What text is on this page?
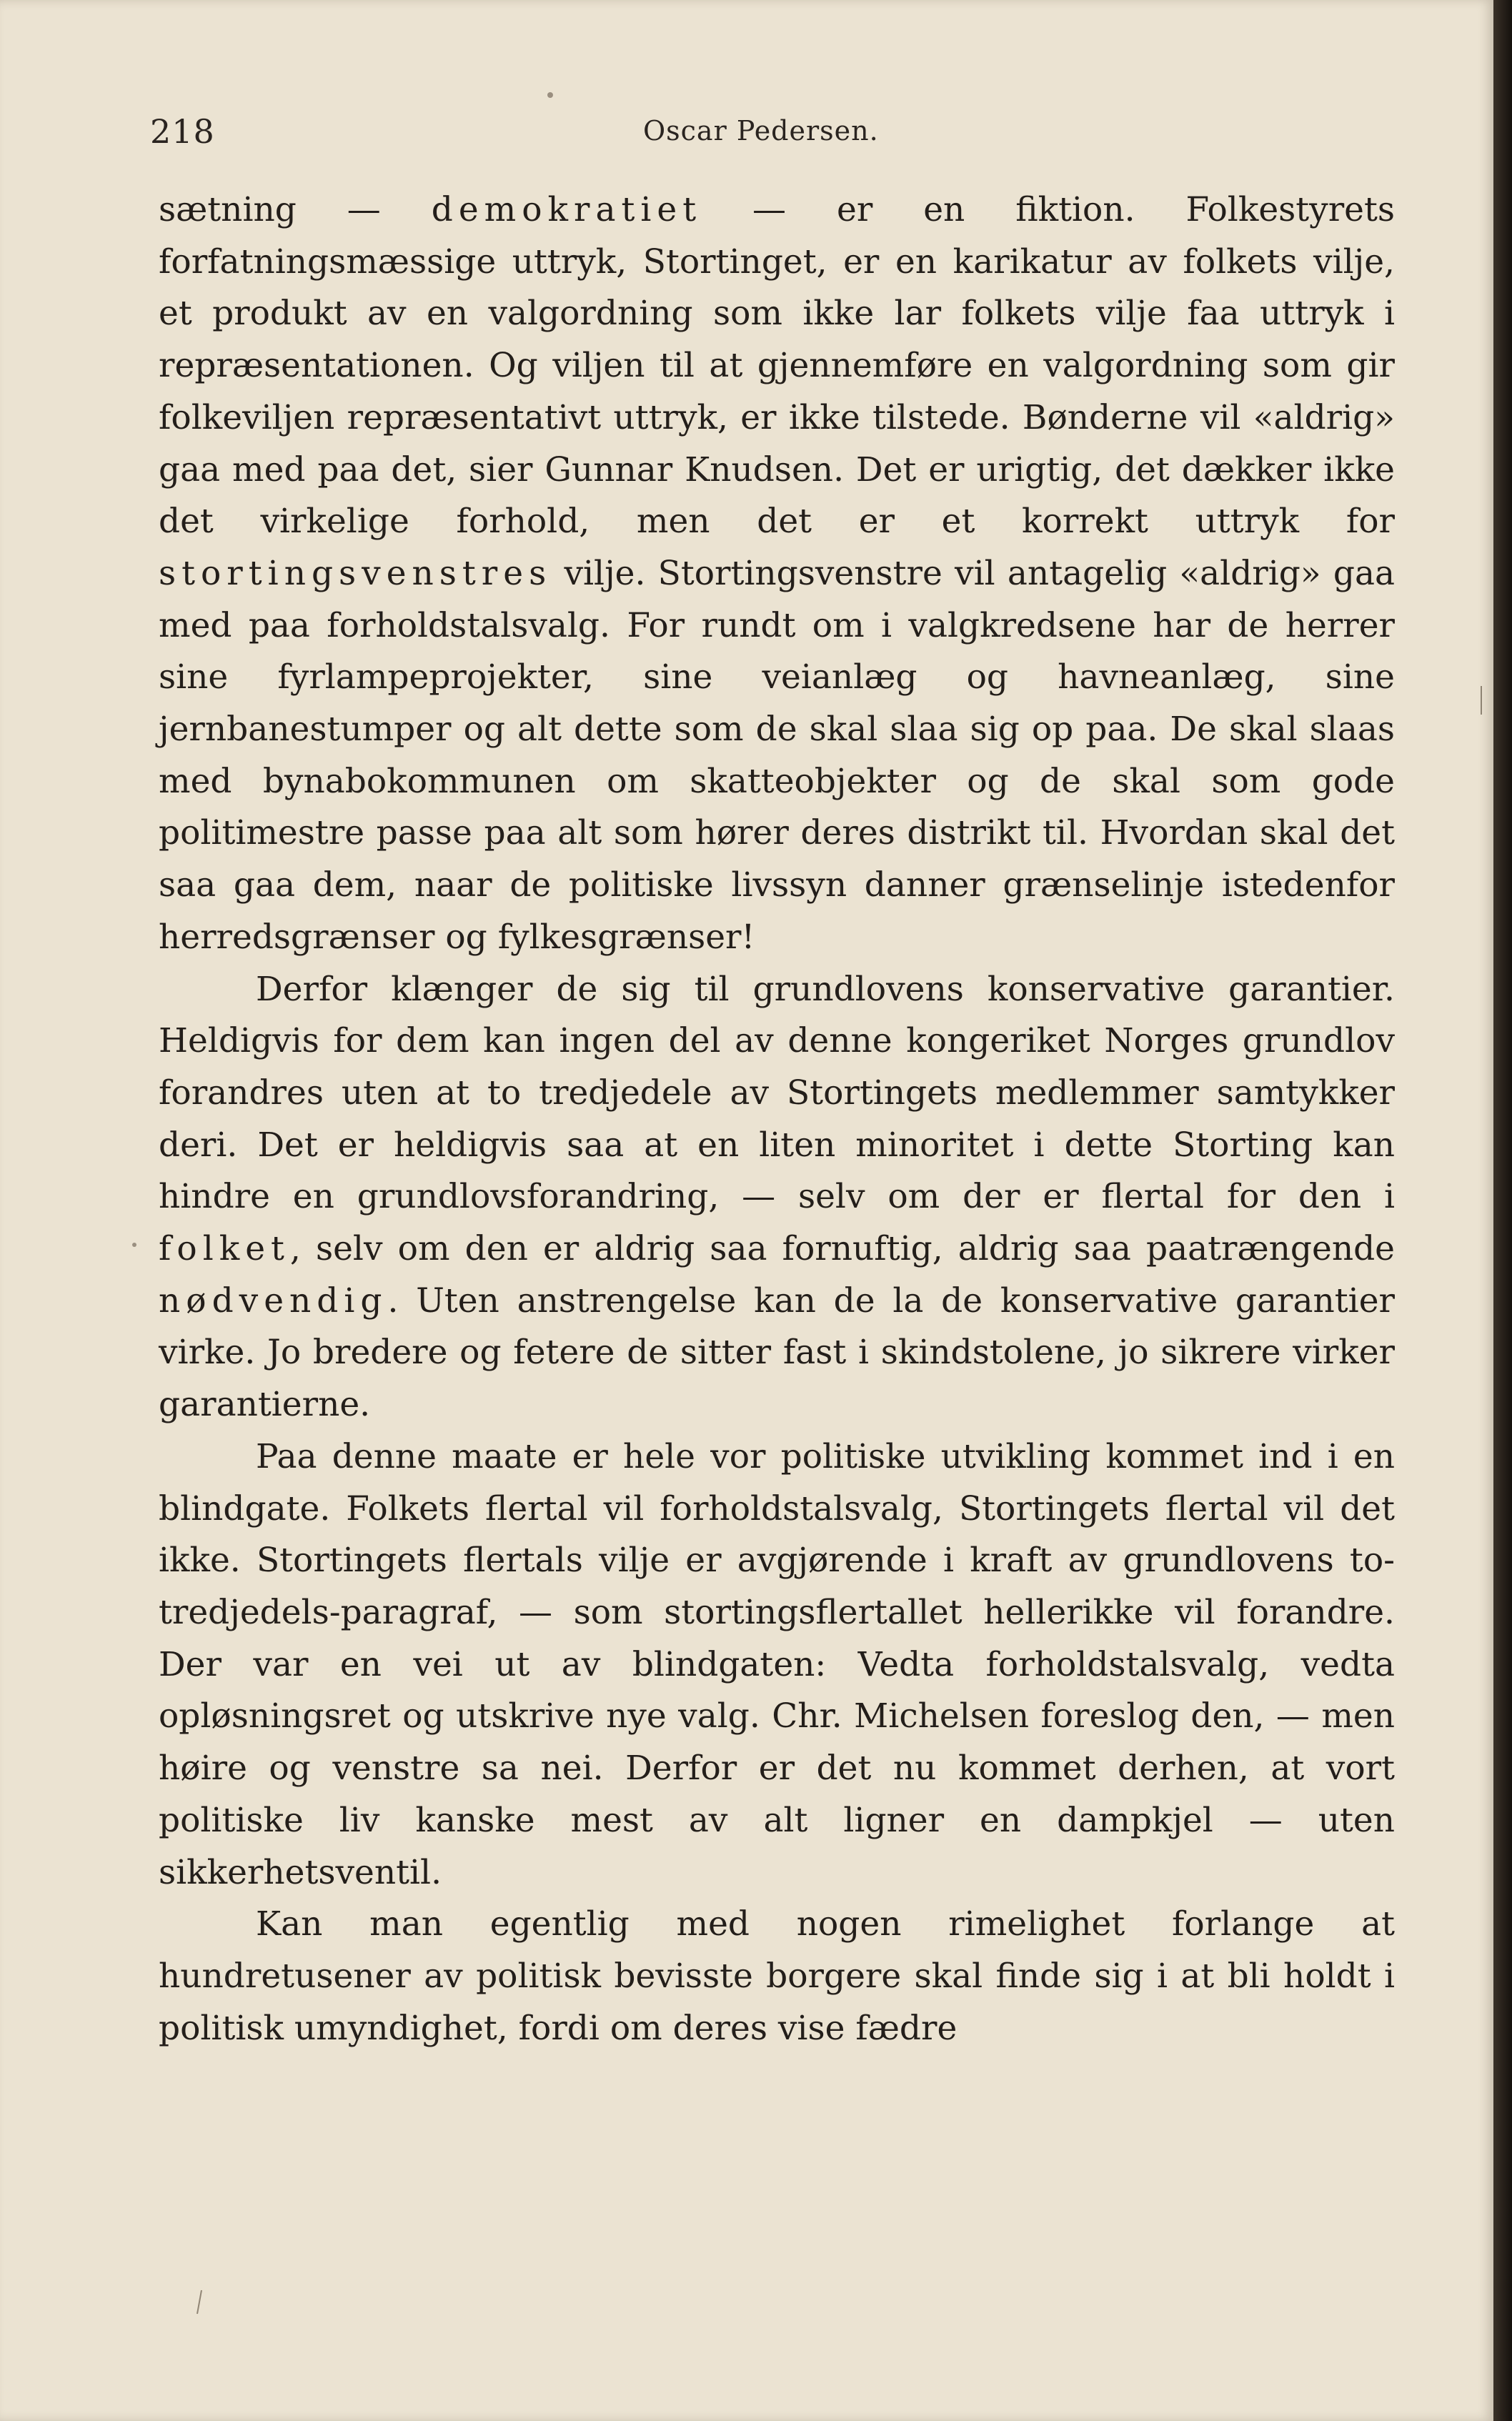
218	Oscar Pedersen.

sætning — demokratiet — er en fiktion. Folkestyrets forfatningsmæssige uttryk, Stortinget, er en karikatur av folkets vilje, et produkt av en valgordning som ikke lar folkets vilje faa uttryk i repræsentationen. Og viljen til at gjennemføre en valgordning som gir folkeviljen repræsentativt uttryk, er ikke tilstede. Bønderne vil «aldrig» gaa med paa det, sier Gunnar Knudsen. Det er urigtig, det dækker ikke det virkelige forhold, men det er et korrekt uttryk for stortingsvenstres vilje. Stortingsvenstre vil antagelig «aldrig» gaa med paa forholdstalsvalg. For rundt om i valgkredsene har de herrer sine fyrlampeprojekter, sine veianlæg og havneanlæg, sine jernbanestumper og alt dette som de skal slaa sig op paa. De skal slaas med bynabokommunen om skatteobjekter og de skal som gode politimestre passe paa alt som hører deres distrikt til. Hvordan skal det saa gaa dem, naar de politiske livssyn danner grænselinje istedenfor herredsgrænser og fylkesgrænser!

Derfor klænger de sig til grundlovens konservative garantier. Heldigvis for dem kan ingen del av denne kongeriket Norges grundlov forandres uten at to tredjedele av Stortingets medlemmer samtykker deri. Det er heldigvis saa at en liten minoritet i dette Storting kan hindre en grundlovsforandring, — selv om der er flertal for den i folket, selv om den er aldrig saa fornuftig, aldrig saa paatrængende nødvendig. Uten anstrengelse kan de la de konservative garantier virke. Jo bredere og fetere de sitter fast i skindstolene, jo sikrere virker garantierne.

Paa denne maate er hele vor politiske utvikling kommet ind i en blindgate. Folkets flertal vil forholdstalsvalg, Stortingets flertal vil det ikke. Stortingets flertals vilje er avgjørende i kraft av grundlovens to-tredjedels-paragraf, — som stortingsflertallet hellerikke vil forandre. Der var en vei ut av blindgaten: Vedta forholdstalsvalg, vedta opløsningsret og utskrive nye valg. Chr. Michelsen foreslog den, — men høire og venstre sa nei. Derfor er det nu kommet derhen, at vort politiske liv kanske mest av alt ligner en dampkjel — uten sikkerhetsventil.

Kan man egentlig med nogen rimelighet forlange at hundretusener av politisk bevisste borgere skal finde sig i at bli holdt i politisk umyndighet, fordi om deres vise fædre
